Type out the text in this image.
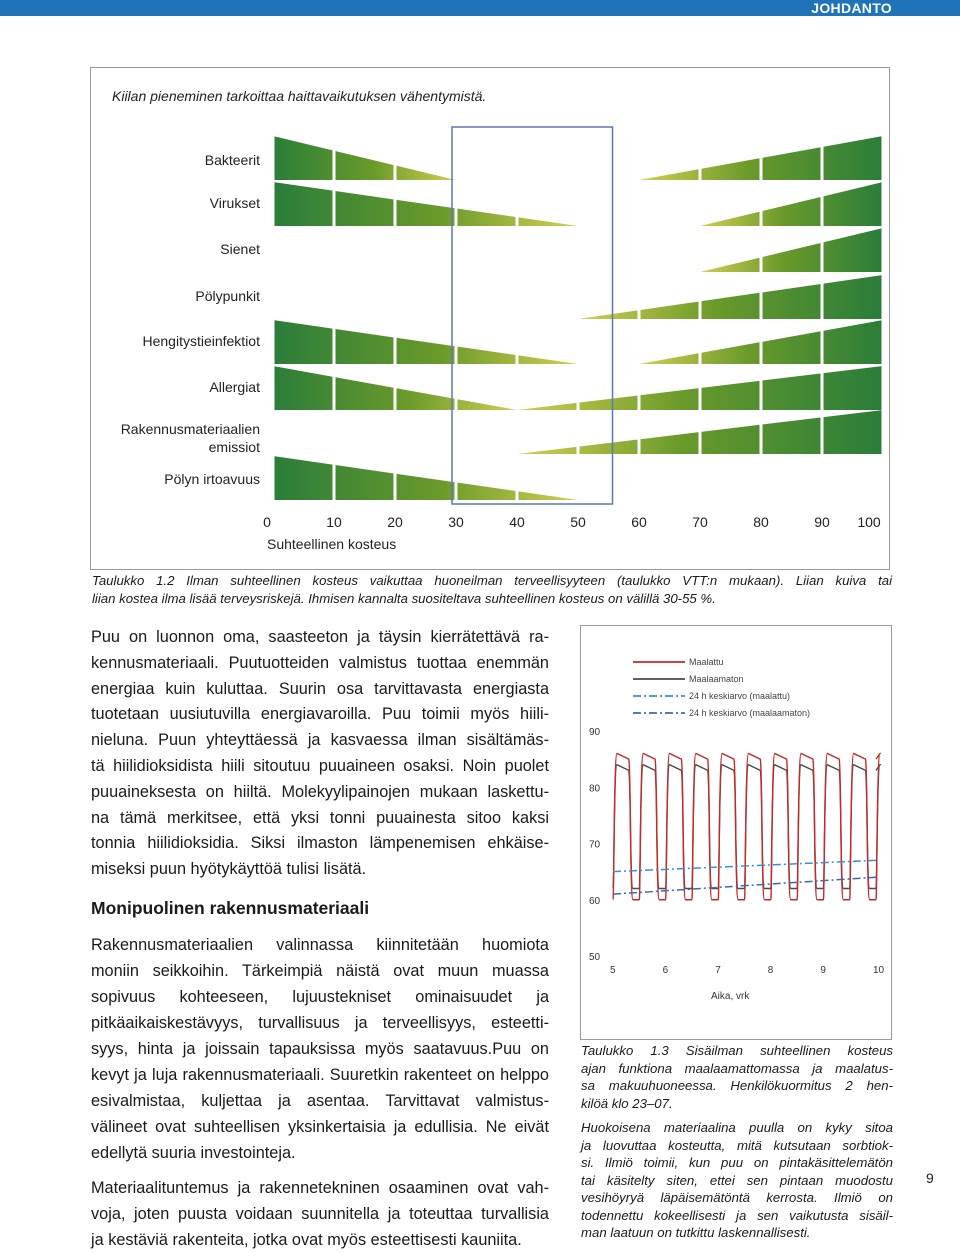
JOHDANTO
Kiilan pieneminen tarkoittaa haittavaikutuksen vähentymistä.
Bakteerit
Virukset
Sienet
Pölypunkit
Hengitystieinfektiot
Allergiat
Rakennusmateriaalien
emissiot
Pölyn irtoavuus
0	10	20	30	40	50	60	70	80	90	100
Suhteellinen kosteus
Taulukko 1.2 Ilman suhteellinen kosteus vaikuttaa huoneilman terveellisyyteen (taulukko VTT:n mukaan). Liian kuiva tai
liian kostea ilma lisää terveysriskejä. Ihmisen kannalta suositeltava suhteellinen kosteus on välillä 30-55 %.
Puu on luonnon oma, saasteeton ja täysin kierrätettävä ra-
kennusmateriaali. Puutuotteiden valmistus tuottaa enemmän
energiaa kuin kuluttaa. Suurin osa tarvittavasta energiasta
tuotetaan uusiutuvilla energiavaroilla. Puu toimii myös hiili-
nieluna. Puun yhteyttäessä ja kasvaessa ilman sisältämäs-
tä hiilidioksidista hiili sitoutuu puuaineen osaksi. Noin puolet
puuaineksesta on hiiltä. Molekyylipainojen mukaan laskettu-
na tämä merkitsee, että yksi tonni puuainesta sitoo kaksi
tonnia hiilidioksidia. Siksi ilmaston lämpenemisen ehkäise-
miseksi puun hyötykäyttöä tulisi lisätä.
Monipuolinen rakennusmateriaali
Rakennusmateriaalien valinnassa kiinnitetään huomiota
moniin seikkoihin. Tärkeimpiä näistä ovat muun muassa
sopivuus kohteeseen, lujuustekniset ominaisuudet ja
pitkäaikaiskestävyys, turvallisuus ja terveellisyys, esteetti-
syys, hinta ja joissain tapauksissa myös saatavuus.Puu on
kevyt ja luja rakennusmateriaali. Suuretkin rakenteet on helppo
esivalmistaa, kuljettaa ja asentaa. Tarvittavat valmistus-
välineet ovat suhteellisen yksinkertaisia ja edullisia. Ne eivät
edellytä suuria investointeja.
Materiaalituntemus ja rakennetekninen osaaminen ovat vah-
voja, joten puusta voidaan suunnitella ja toteuttaa turvallisia
ja kestäviä rakenteita, jotka ovat myös esteettisesti kauniita.
50
60
70
80
90
5	6	7	8	9	10
Aika, vrk
Maalattu
Maalaamaton
24 h keskiarvo (maalattu)
24 h keskiarvo (maalaamaton)
Taulukko 1.3 Sisäilman suhteellinen kosteus
ajan funktiona maalaamattomassa ja maalatus-
sa makuuhuoneessa. Henkilökuormitus 2 hen-
kilöä klo 23–07.
Huokoisena materiaalina puulla on kyky sitoa
ja luovuttaa kosteutta, mitä kutsutaan sorbtiok-
si. Ilmiö toimii, kun puu on pintakäsittelemätön
tai käsitelty siten, ettei sen pintaan muodostu
vesihöyryä läpäisemätöntä kerrosta. Ilmiö on
todennettu kokeellisesti ja sen vaikutusta sisäil-
man laatuun on tutkittu laskennallisesti.
9
